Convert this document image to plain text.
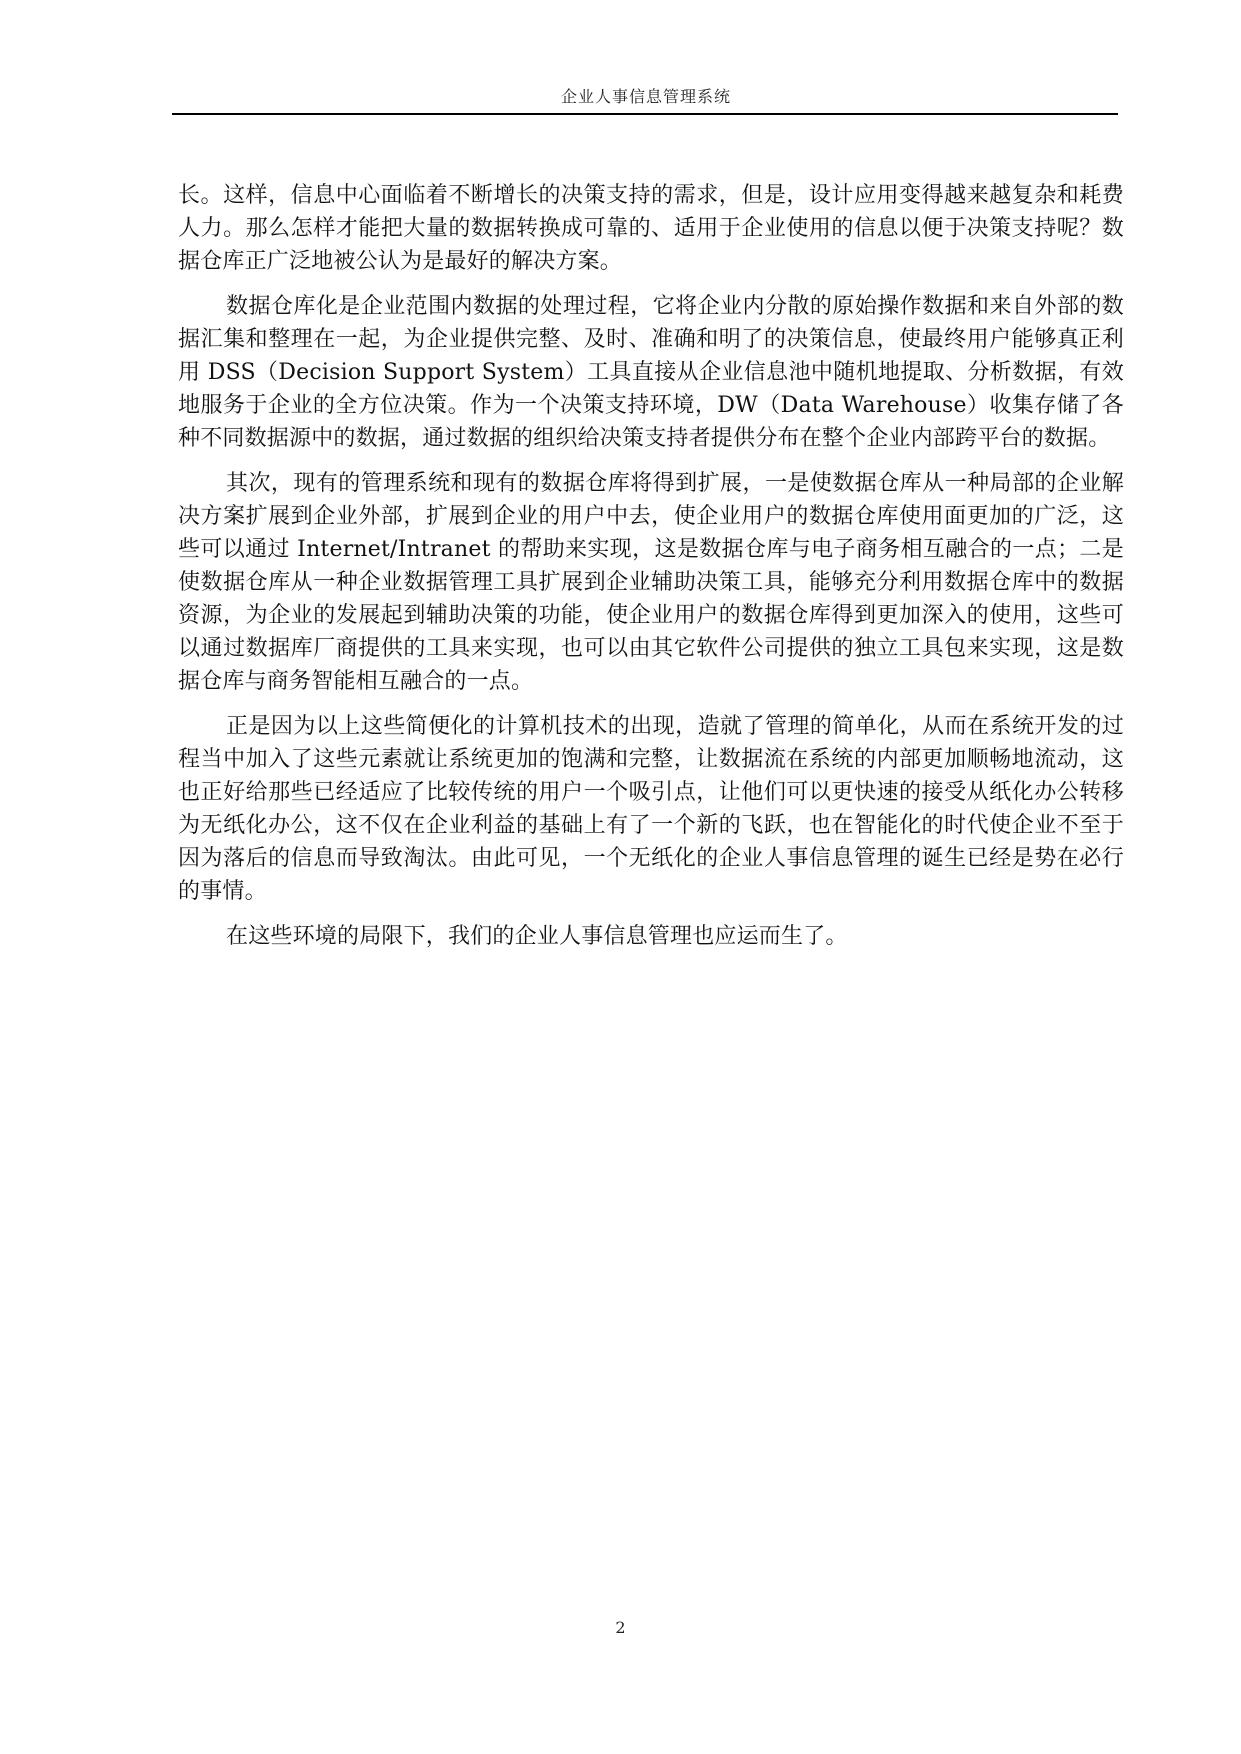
企业人事信息管理系统

长。这样，信息中心面临着不断增长的决策支持的需求，但是，设计应用变得越来越复杂和耗费人力。那么怎样才能把大量的数据转换成可靠的、适用于企业使用的信息以便于决策支持呢？数据仓库正广泛地被公认为是最好的解决方案。

数据仓库化是企业范围内数据的处理过程，它将企业内分散的原始操作数据和来自外部的数据汇集和整理在一起，为企业提供完整、及时、准确和明了的决策信息，使最终用户能够真正利用 DSS（Decision Support System）工具直接从企业信息池中随机地提取、分析数据，有效地服务于企业的全方位决策。作为一个决策支持环境，DW（Data Warehouse）收集存储了各种不同数据源中的数据，通过数据的组织给决策支持者提供分布在整个企业内部跨平台的数据。

其次，现有的管理系统和现有的数据仓库将得到扩展，一是使数据仓库从一种局部的企业解决方案扩展到企业外部，扩展到企业的用户中去，使企业用户的数据仓库使用面更加的广泛，这些可以通过 Internet/Intranet 的帮助来实现，这是数据仓库与电子商务相互融合的一点；二是使数据仓库从一种企业数据管理工具扩展到企业辅助决策工具，能够充分利用数据仓库中的数据资源，为企业的发展起到辅助决策的功能，使企业用户的数据仓库得到更加深入的使用，这些可以通过数据库厂商提供的工具来实现，也可以由其它软件公司提供的独立工具包来实现，这是数据仓库与商务智能相互融合的一点。

正是因为以上这些简便化的计算机技术的出现，造就了管理的简单化，从而在系统开发的过程当中加入了这些元素就让系统更加的饱满和完整，让数据流在系统的内部更加顺畅地流动，这也正好给那些已经适应了比较传统的用户一个吸引点，让他们可以更快速的接受从纸化办公转移为无纸化办公，这不仅在企业利益的基础上有了一个新的飞跃，也在智能化的时代使企业不至于因为落后的信息而导致淘汰。由此可见，一个无纸化的企业人事信息管理的诞生已经是势在必行的事情。

在这些环境的局限下，我们的企业人事信息管理也应运而生了。

2
